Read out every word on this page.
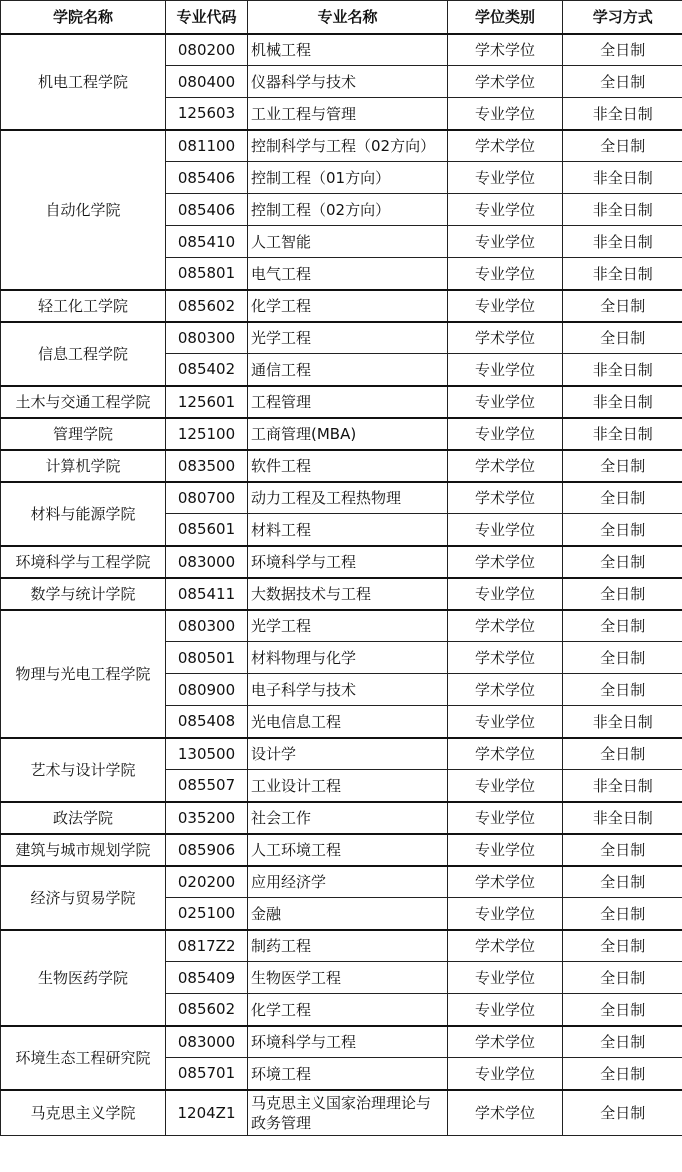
学院名称	专业代码	专业名称	学位类别	学习方式
机电工程学院	080200	机械工程	学术学位	全日制
	080400	仪器科学与技术	学术学位	全日制
	125603	工业工程与管理	专业学位	非全日制
自动化学院	081100	控制科学与工程（02方向）	学术学位	全日制
	085406	控制工程（01方向）	专业学位	非全日制
	085406	控制工程（02方向）	专业学位	非全日制
	085410	人工智能	专业学位	非全日制
	085801	电气工程	专业学位	非全日制
轻工化工学院	085602	化学工程	专业学位	全日制
信息工程学院	080300	光学工程	学术学位	全日制
	085402	通信工程	专业学位	非全日制
土木与交通工程学院	125601	工程管理	专业学位	非全日制
管理学院	125100	工商管理(MBA)	专业学位	非全日制
计算机学院	083500	软件工程	学术学位	全日制
材料与能源学院	080700	动力工程及工程热物理	学术学位	全日制
	085601	材料工程	专业学位	全日制
环境科学与工程学院	083000	环境科学与工程	学术学位	全日制
数学与统计学院	085411	大数据技术与工程	专业学位	全日制
物理与光电工程学院	080300	光学工程	学术学位	全日制
	080501	材料物理与化学	学术学位	全日制
	080900	电子科学与技术	学术学位	全日制
	085408	光电信息工程	专业学位	非全日制
艺术与设计学院	130500	设计学	学术学位	全日制
	085507	工业设计工程	专业学位	非全日制
政法学院	035200	社会工作	专业学位	非全日制
建筑与城市规划学院	085906	人工环境工程	专业学位	全日制
经济与贸易学院	020200	应用经济学	学术学位	全日制
	025100	金融	专业学位	全日制
生物医药学院	0817Z2	制药工程	学术学位	全日制
	085409	生物医学工程	专业学位	全日制
	085602	化学工程	专业学位	全日制
环境生态工程研究院	083000	环境科学与工程	学术学位	全日制
	085701	环境工程	专业学位	全日制
马克思主义学院	1204Z1	马克思主义国家治理理论与政务管理	学术学位	全日制
